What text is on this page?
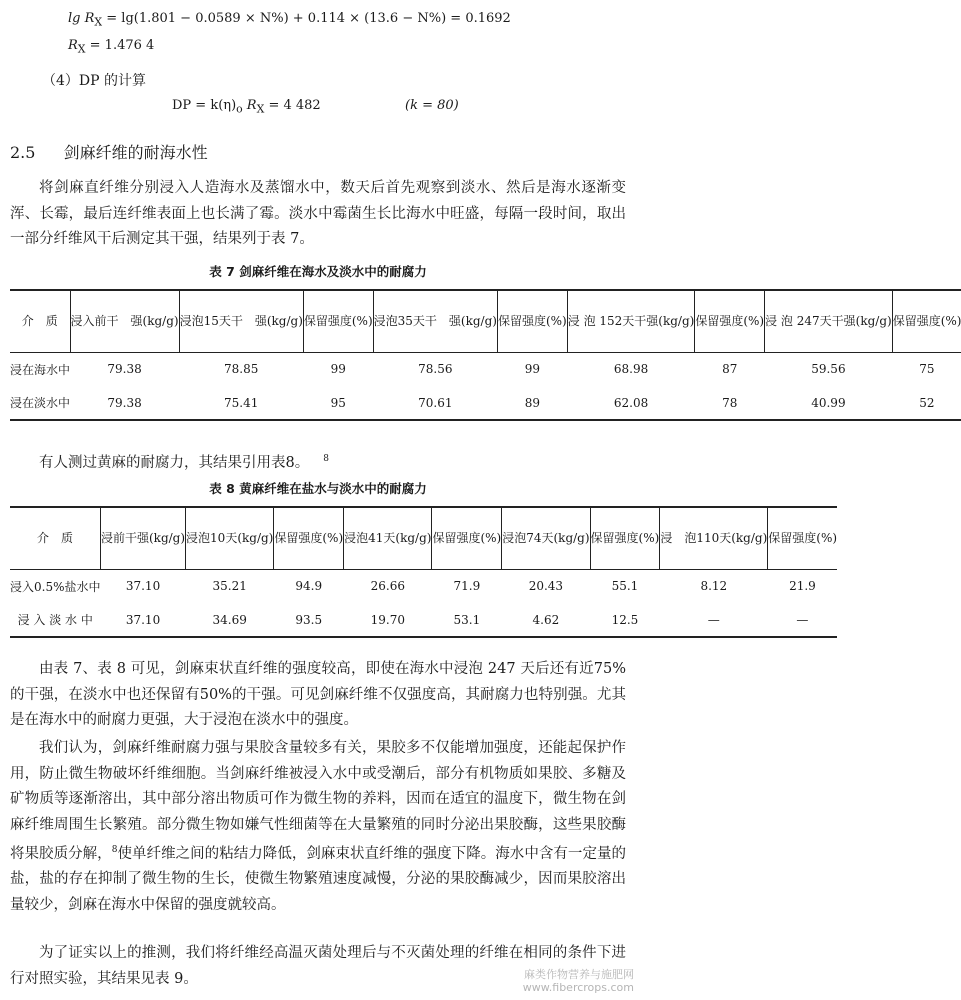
$\lg R_X = \lg(1.801 - 0.0589 \times N\%) + 0.114 \times (13.6 - N\%) = 0.1692$
$R_X = 1.476$ 4
（4）DP 的计算
DP = $k(\eta)_o$ $R_X = 4$ 482	(k = 80)
2.5 剑麻纤维的耐海水性

将剑麻直纤维分别浸入人造海水及蒸馏水中，数天后首先观察到淡水、然后是海水逐渐变浑、长霉，最后连纤维表面上也长满了霉。淡水中霉菌生长比海水中旺盛，每隔一段时间，取出一部分纤维风干后测定其干强，结果列于表 7。

表 7 剑麻纤维在海水及淡水中的耐腐力
介　质	浸入前干　强(kg/g)	浸泡15天干　强(kg/g)	保留强度(%)	浸泡35天干　强(kg/g)	保留强度(%)	浸 泡 152天干强(kg/g)	保留强度(%)	浸 泡 247天干强(kg/g)	保留强度(%)
浸在海水中	79.38	78.85	99	78.56	99	68.98	87	59.56	75
浸在淡水中	79.38	75.41	95	70.61	89	62.08	78	40.99	52
有人测过黄麻的耐腐力，其结果引用表8。 $^8$
表 8 黄麻纤维在盐水与淡水中的耐腐力
介　质	浸前干强(kg/g)	浸泡10天(kg/g)	保留强度(%)	浸泡41天(kg/g)	保留强度(%)	浸泡74天(kg/g)	保留强度(%)	浸　泡110天(kg/g)	保留强度(%)
浸入0.5%盐水中	37.10	35.21	94.9	26.66	71.9	20.43	55.1	8.12	21.9
浸 入 淡 水 中	37.10	34.69	93.5	19.70	53.1	4.62	12.5	—	—

由表 7、表 8 可见，剑麻束状直纤维的强度较高，即使在海水中浸泡 247 天后还有近75%的干强，在淡水中也还保留有50%的干强。可见剑麻纤维不仅强度高，其耐腐力也特别强。尤其是在海水中的耐腐力更强，大于浸泡在淡水中的强度。

我们认为，剑麻纤维耐腐力强与果胶含量较多有关，果胶多不仅能增加强度，还能起保护作用，防止微生物破坏纤维细胞。当剑麻纤维被浸入水中或受潮后，部分有机物质如果胶、多糖及矿物质等逐渐溶出，其中部分溶出物质可作为微生物的养料，因而在适宜的温度下，微生物在剑麻纤维周围生长繁殖。部分微生物如嫌气性细菌等在大量繁殖的同时分泌出果胶酶，这些果胶酶将果胶质分解，$^8$使单纤维之间的粘结力降低，剑麻束状直纤维的强度下降。海水中含有一定量的盐，盐的存在抑制了微生物的生长，使微生物繁殖速度减慢，分泌的果胶酶减少，因而果胶溶出量较少，剑麻在海水中保留的强度就较高。

为了证实以上的推测，我们将纤维经高温灭菌处理后与不灭菌处理的纤维在相同的条件下进行对照实验，其结果见表 9。	麻类作物营养与施肥网
www.fibercrops.com
